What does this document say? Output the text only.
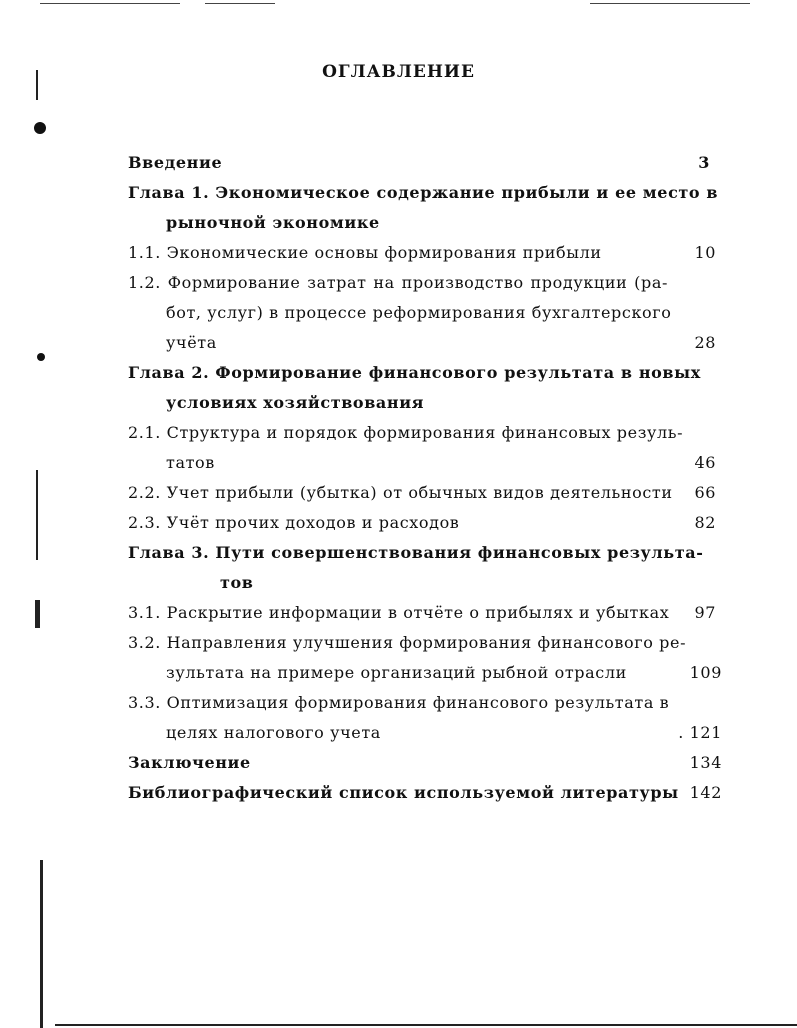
ОГЛАВЛЕНИЕ
Введение	3
Глава 1. Экономическое содержание прибыли и ее место в
рыночной экономике
1.1. Экономические основы формирования прибыли	10
1.2. Формирование затрат на производство продукции (ра-
бот, услуг) в процессе реформирования бухгалтерского
учёта	28
Глава 2. Формирование финансового результата в новых
условиях хозяйствования
2.1. Структура и порядок формирования финансовых резуль-
татов	46
2.2. Учет прибыли (убытка) от обычных видов деятельности 66
2.3. Учёт прочих доходов и расходов	82
Глава 3. Пути совершенствования финансовых результа-
тов
3.1. Раскрытие информации в отчёте о прибылях и убытках 97
3.2. Направления улучшения формирования финансового ре-
зультата на примере организаций рыбной отрасли	109
3.3. Оптимизация формирования финансового результата в
целях налогового учета	. 121
Заключение	134
Библиографический список используемой литературы 142
